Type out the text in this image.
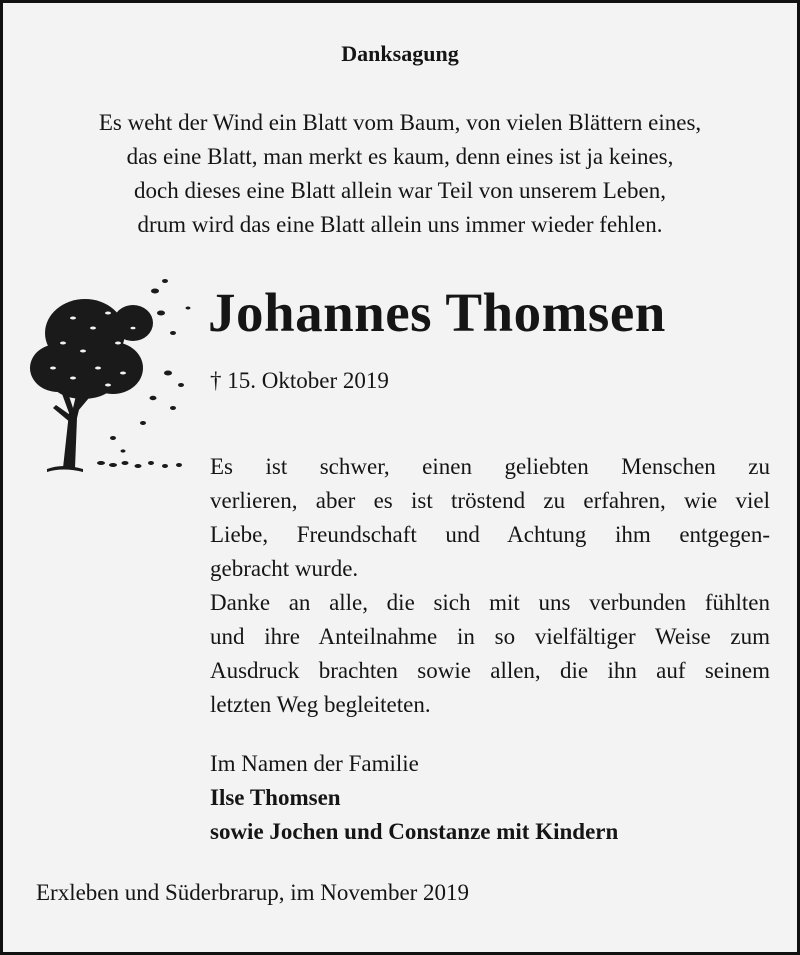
Danksagung
Es weht der Wind ein Blatt vom Baum, von vielen Blättern eines,
das eine Blatt, man merkt es kaum, denn eines ist ja keines,
doch dieses eine Blatt allein war Teil von unserem Leben,
drum wird das eine Blatt allein uns immer wieder fehlen.
Johannes Thomsen
† 15. Oktober 2019
Es ist schwer, einen geliebten Menschen zu
verlieren, aber es ist tröstend zu erfahren, wie viel
Liebe, Freundschaft und Achtung ihm entgegen-
gebracht wurde.
Danke an alle, die sich mit uns verbunden fühlten
und ihre Anteilnahme in so vielfältiger Weise zum
Ausdruck brachten sowie allen, die ihn auf seinem
letzten Weg begleiteten.
Im Namen der Familie
Ilse Thomsen
sowie Jochen und Constanze mit Kindern
Erxleben und Süderbrarup, im November 2019
